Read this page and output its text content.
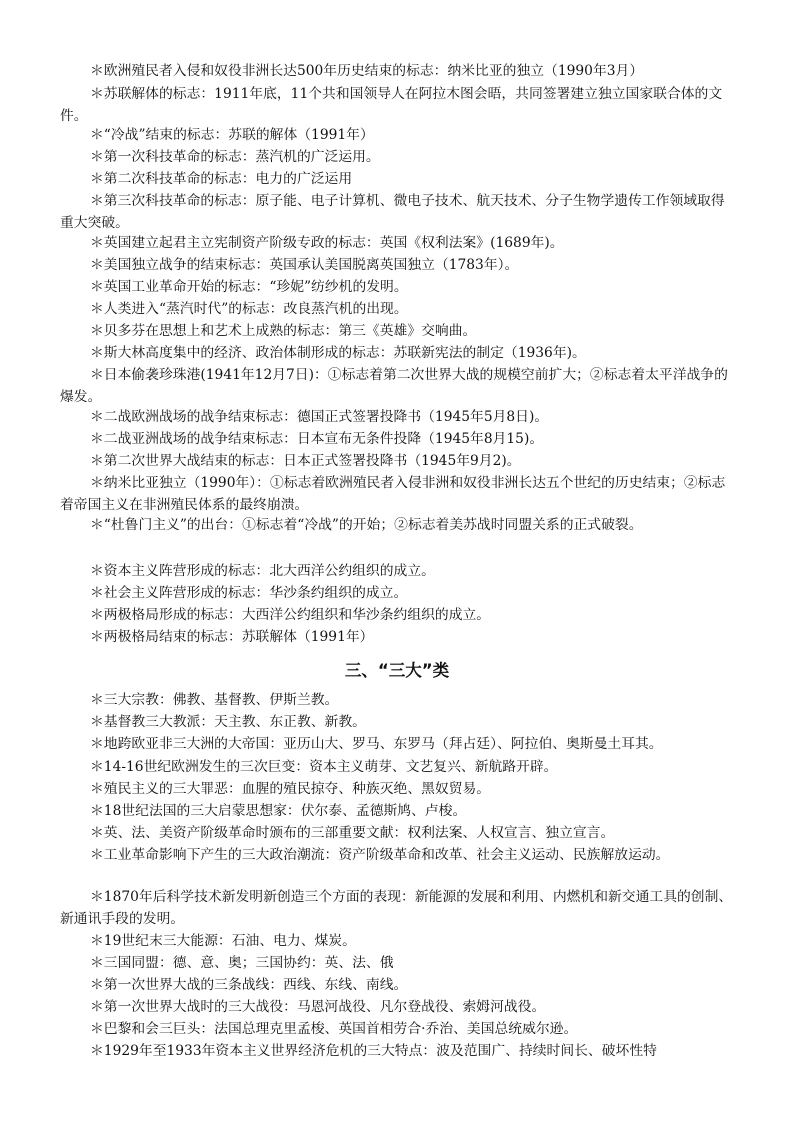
＊欧洲殖民者入侵和奴役非洲长达500年历史结束的标志：纳米比亚的独立（1990年3月）
＊苏联解体的标志：1911年底，11个共和国领导人在阿拉木图会晤，共同签署建立独立国家联合体的文件。
＊“冷战”结束的标志：苏联的解体（1991年）
＊第一次科技革命的标志：蒸汽机的广泛运用。
＊第二次科技革命的标志：电力的广泛运用
＊第三次科技革命的标志：原子能、电子计算机、微电子技术、航天技术、分子生物学遗传工作领域取得重大突破。
＊英国建立起君主立宪制资产阶级专政的标志：英国《权利法案》(1689年)。
＊美国独立战争的结束标志：英国承认美国脱离英国独立（1783年）。
＊英国工业革命开始的标志：“珍妮”纺纱机的发明。
＊人类进入“蒸汽时代”的标志：改良蒸汽机的出现。
＊贝多芬在思想上和艺术上成熟的标志：第三《英雄》交响曲。
＊斯大林高度集中的经济、政治体制形成的标志：苏联新宪法的制定（1936年)。
＊日本偷袭珍珠港(1941年12月7日)：①标志着第二次世界大战的规模空前扩大；②标志着太平洋战争的爆发。
＊二战欧洲战场的战争结束标志：德国正式签署投降书（1945年5月8日)。
＊二战亚洲战场的战争结束标志：日本宣布无条件投降（1945年8月15)。
＊第二次世界大战结束的标志：日本正式签署投降书（1945年9月2)。
＊纳米比亚独立（1990年）：①标志着欧洲殖民者入侵非洲和奴役非洲长达五个世纪的历史结束；②标志着帝国主义在非洲殖民体系的最终崩溃。
＊“杜鲁门主义”的出台：①标志着“冷战”的开始；②标志着美苏战时同盟关系的正式破裂。
＊资本主义阵营形成的标志：北大西洋公约组织的成立。
＊社会主义阵营形成的标志：华沙条约组织的成立。
＊两极格局形成的标志：大西洋公约组织和华沙条约组织的成立。
＊两极格局结束的标志：苏联解体（1991年）
三、“三大”类
＊三大宗教：佛教、基督教、伊斯兰教。
＊基督教三大教派：天主教、东正教、新教。
＊地跨欧亚非三大洲的大帝国：亚历山大、罗马、东罗马（拜占廷）、阿拉伯、奥斯曼土耳其。
＊14-16世纪欧洲发生的三次巨变：资本主义萌芽、文艺复兴、新航路开辟。
＊殖民主义的三大罪恶：血腥的殖民掠夺、种族灭绝、黑奴贸易。
＊18世纪法国的三大启蒙思想家：伏尔泰、孟德斯鸠、卢梭。
＊英、法、美资产阶级革命时颁布的三部重要文献：权利法案、人权宣言、独立宣言。
＊工业革命影响下产生的三大政治潮流：资产阶级革命和改革、社会主义运动、民族解放运动。
＊1870年后科学技术新发明新创造三个方面的表现：新能源的发展和利用、内燃机和新交通工具的创制、新通讯手段的发明。
＊19世纪末三大能源：石油、电力、煤炭。
＊三国同盟：德、意、奥；三国协约：英、法、俄
＊第一次世界大战的三条战线：西线、东线、南线。
＊第一次世界大战时的三大战役：马恩河战役、凡尔登战役、索姆河战役。
＊巴黎和会三巨头：法国总理克里孟梭、英国首相劳合·乔治、美国总统威尔逊。
＊1929年至1933年资本主义世界经济危机的三大特点：波及范围广、持续时间长、破坏性特
